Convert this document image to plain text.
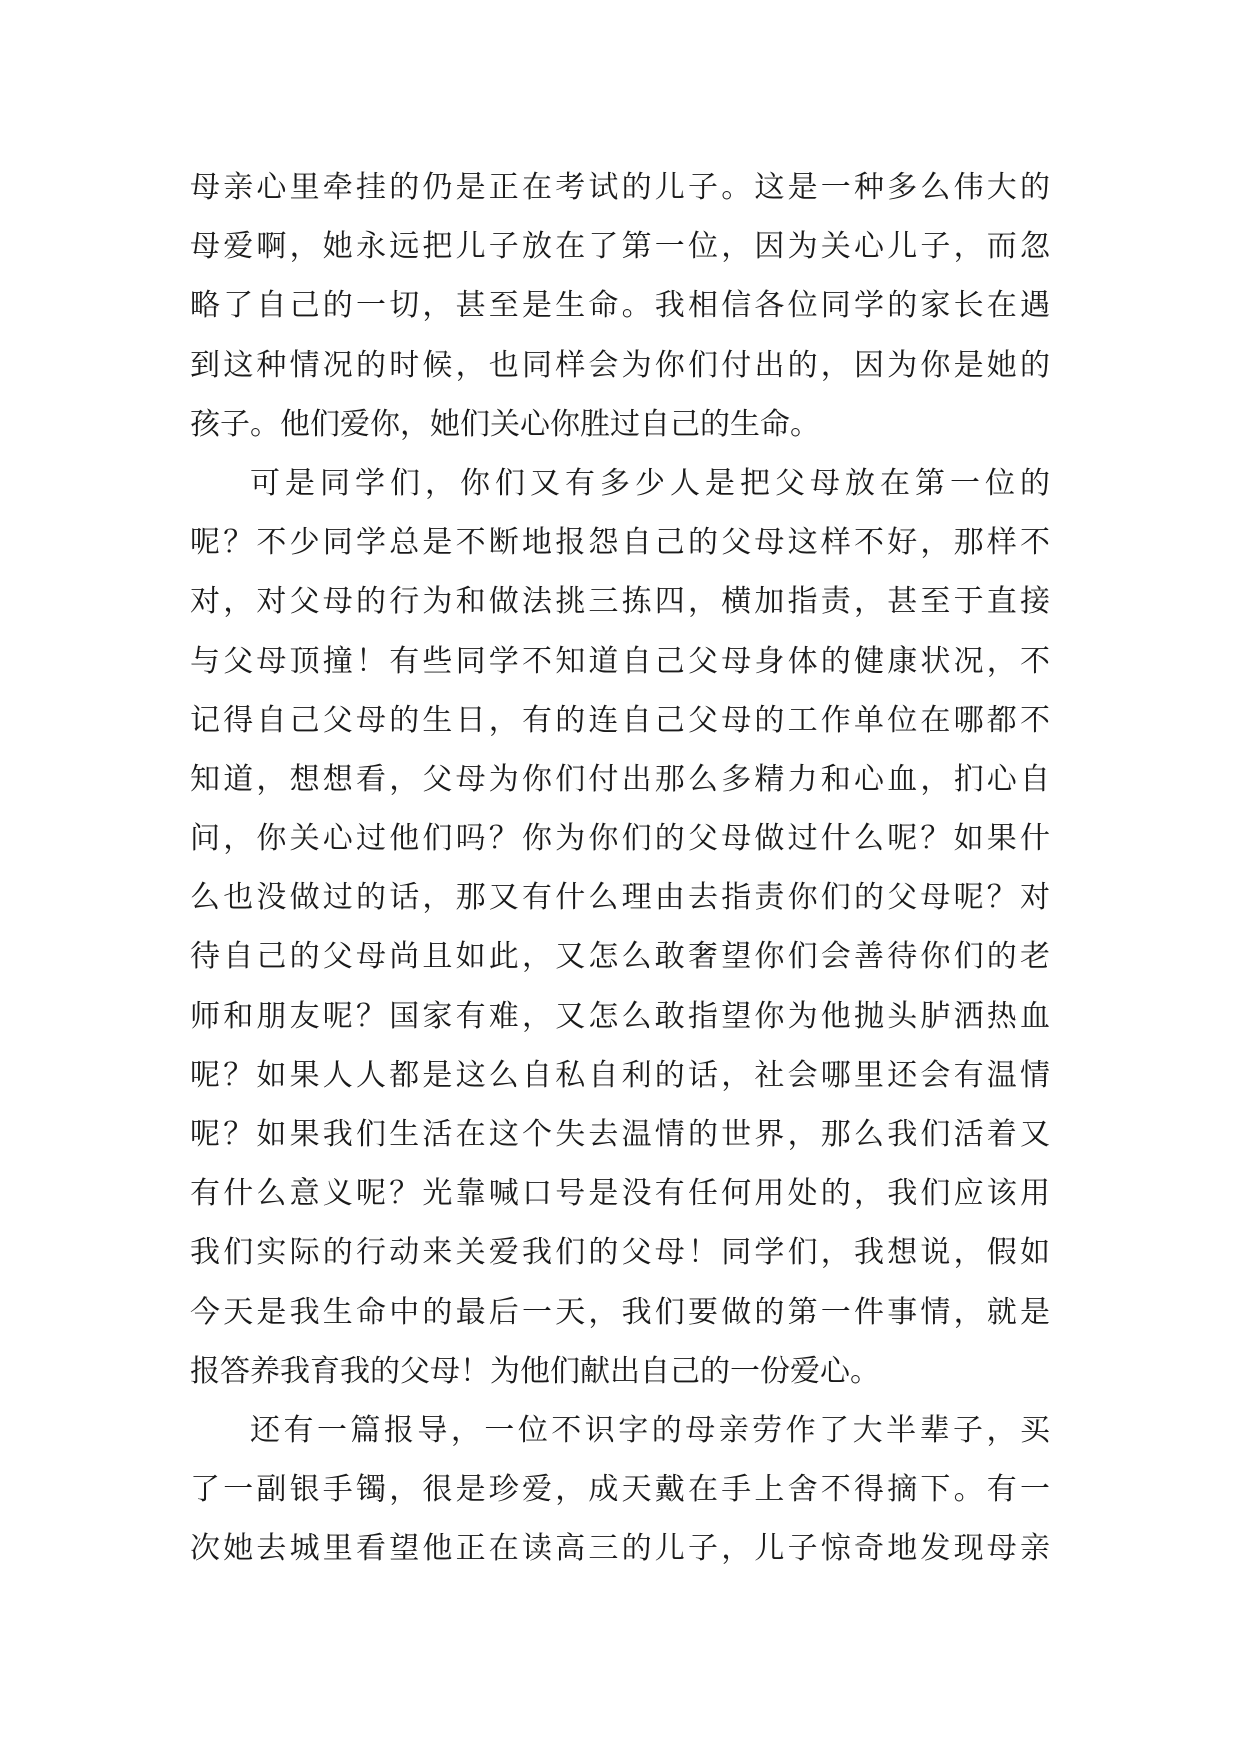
母亲心里牵挂的仍是正在考试的儿子。这是一种多么伟大的
母爱啊，她永远把儿子放在了第一位，因为关心儿子，而忽
略了自己的一切，甚至是生命。我相信各位同学的家长在遇
到这种情况的时候，也同样会为你们付出的，因为你是她的
孩子。他们爱你，她们关心你胜过自己的生命。
可是同学们，你们又有多少人是把父母放在第一位的
呢？不少同学总是不断地报怨自己的父母这样不好，那样不
对，对父母的行为和做法挑三拣四，横加指责，甚至于直接
与父母顶撞！有些同学不知道自己父母身体的健康状况，不
记得自己父母的生日，有的连自己父母的工作单位在哪都不
知道，想想看，父母为你们付出那么多精力和心血，扪心自
问，你关心过他们吗？你为你们的父母做过什么呢？如果什
么也没做过的话，那又有什么理由去指责你们的父母呢？对
待自己的父母尚且如此，又怎么敢奢望你们会善待你们的老
师和朋友呢？国家有难，又怎么敢指望你为他抛头胪洒热血
呢？如果人人都是这么自私自利的话，社会哪里还会有温情
呢？如果我们生活在这个失去温情的世界，那么我们活着又
有什么意义呢？光靠喊口号是没有任何用处的，我们应该用
我们实际的行动来关爱我们的父母！同学们，我想说，假如
今天是我生命中的最后一天，我们要做的第一件事情，就是
报答养我育我的父母！为他们献出自己的一份爱心。
还有一篇报导，一位不识字的母亲劳作了大半辈子，买
了一副银手镯，很是珍爱，成天戴在手上舍不得摘下。有一
次她去城里看望他正在读高三的儿子，儿子惊奇地发现母亲
